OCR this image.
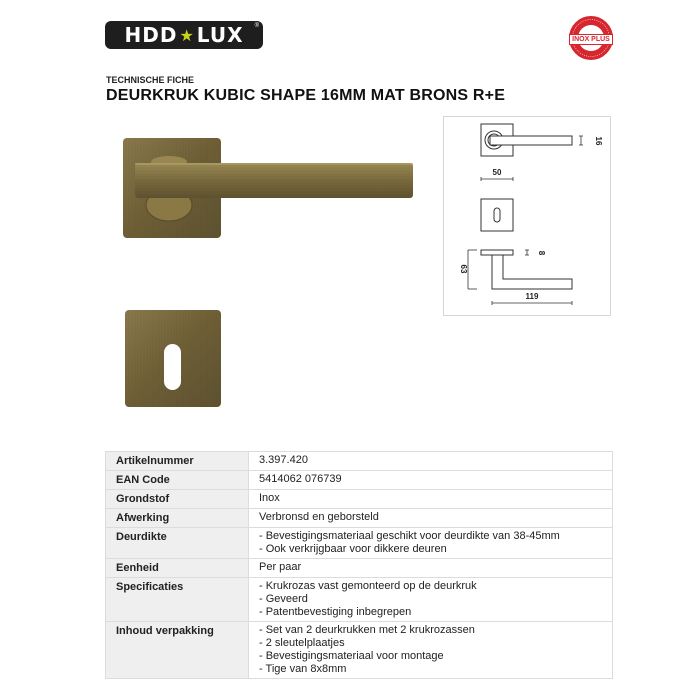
HDD ★ LUX ®
INOX PLUS
TECHNISCHE FICHE
DEURKRUK KUBIC SHAPE 16MM MAT BRONS R+E
16
50
8
63
119
Artikelnummer	3.397.420

EAN Code	5414062 076739

Grondstof	Inox

Afwerking	Verbronsd en geborsteld

Deurdikte	- Bevestigingsmateriaal geschikt voor deurdikte van 38-45mm
- Ook verkrijgbaar voor dikkere deuren

Eenheid	Per paar

Specificaties	- Krukrozas vast gemonteerd op de deurkruk
- Geveerd
- Patentbevestiging inbegrepen

Inhoud verpakking	- Set van 2 deurkrukken met 2 krukrozassen
- 2 sleutelplaatjes
- Bevestigingsmateriaal voor montage
- Tige van 8x8mm
